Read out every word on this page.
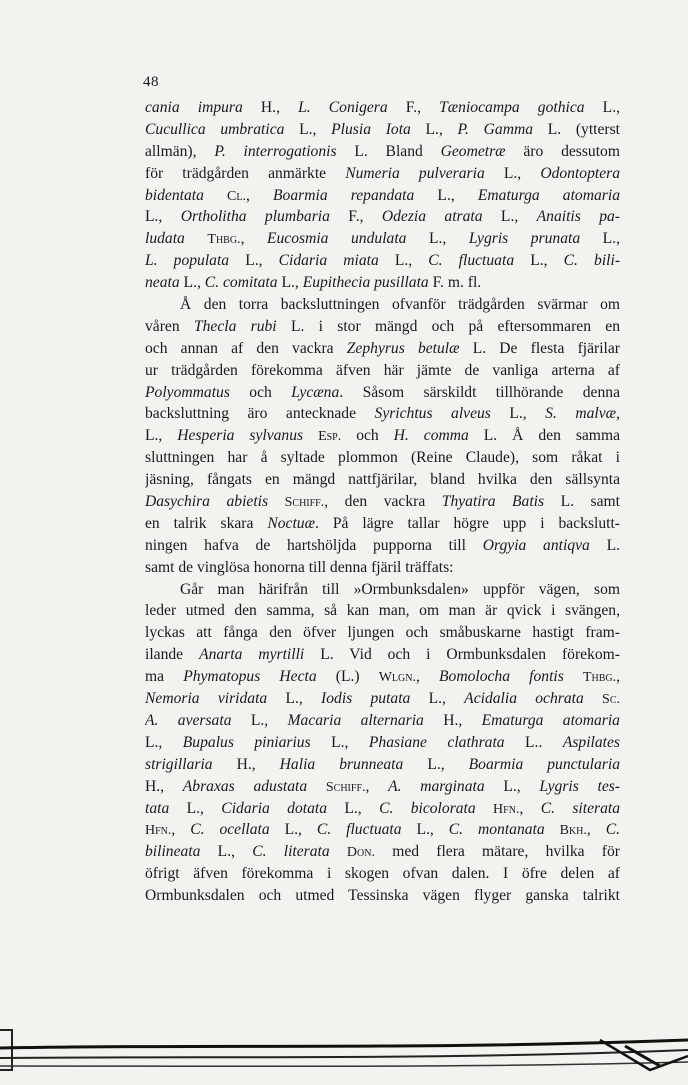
48
cania impura H., L. Conigera F., Tæniocampa gothica L.,
Cucullica umbratica L., Plusia Iota L., P. Gamma L. (ytterst
allmän), P. interrogationis L. Bland Geometræ äro dessutom
för trädgården anmärkte Numeria pulveraria L., Odontoptera
bidentata Cl., Boarmia repandata L., Ematurga atomaria
L., Ortholitha plumbaria F., Odezia atrata L., Anaitis pa-
ludata Thbg., Eucosmia undulata L., Lygris prunata L.,
L. populata L., Cidaria miata L., C. fluctuata L., C. bili-
neata L., C. comitata L., Eupithecia pusillata F. m. fl.
Å den torra backsluttningen ofvanför trädgården svärmar om
våren Thecla rubi L. i stor mängd och på eftersommaren en
och annan af den vackra Zephyrus betulæ L. De flesta fjärilar
ur trädgården förekomma äfven här jämte de vanliga arterna af
Polyommatus och Lycæna. Såsom särskildt tillhörande denna
backsluttning äro antecknade Syrichtus alveus L., S. malvæ,
L., Hesperia sylvanus Esp. och H. comma L. Å den samma
sluttningen har å syltade plommon (Reine Claude), som råkat i
jäsning, fångats en mängd nattfjärilar, bland hvilka den sällsynta
Dasychira abietis Schiff., den vackra Thyatira Batis L. samt
en talrik skara Noctuæ. På lägre tallar högre upp i backslutt-
ningen hafva de hartshöljda pupporna till Orgyia antiqva L.
samt de vinglösa honorna till denna fjäril träffats:
Går man härifrån till »Ormbunksdalen» uppför vägen, som
leder utmed den samma, så kan man, om man är qvick i svängen,
lyckas att fånga den öfver ljungen och småbuskarne hastigt fram-
ilande Anarta myrtilli L. Vid och i Ormbunksdalen förekom-
ma Phymatopus Hecta (L.) Wlgn., Bomolocha fontis Thbg.,
Nemoria viridata L., Iodis putata L., Acidalia ochrata Sc.
A. aversata L., Macaria alternaria H., Ematurga atomaria
L., Bupalus piniarius L., Phasiane clathrata L.. Aspilates
strigillaria H., Halia brunneata L., Boarmia punctularia
H., Abraxas adustata Schiff., A. marginata L., Lygris tes-
tata L., Cidaria dotata L., C. bicolorata Hfn., C. siterata
Hfn., C. ocellata L., C. fluctuata L., C. montanata Bkh., C.
bilineata L., C. literata Don. med flera mätare, hvilka för
öfrigt äfven förekomma i skogen ofvan dalen. I öfre delen af
Ormbunksdalen och utmed Tessinska vägen flyger ganska talrikt
